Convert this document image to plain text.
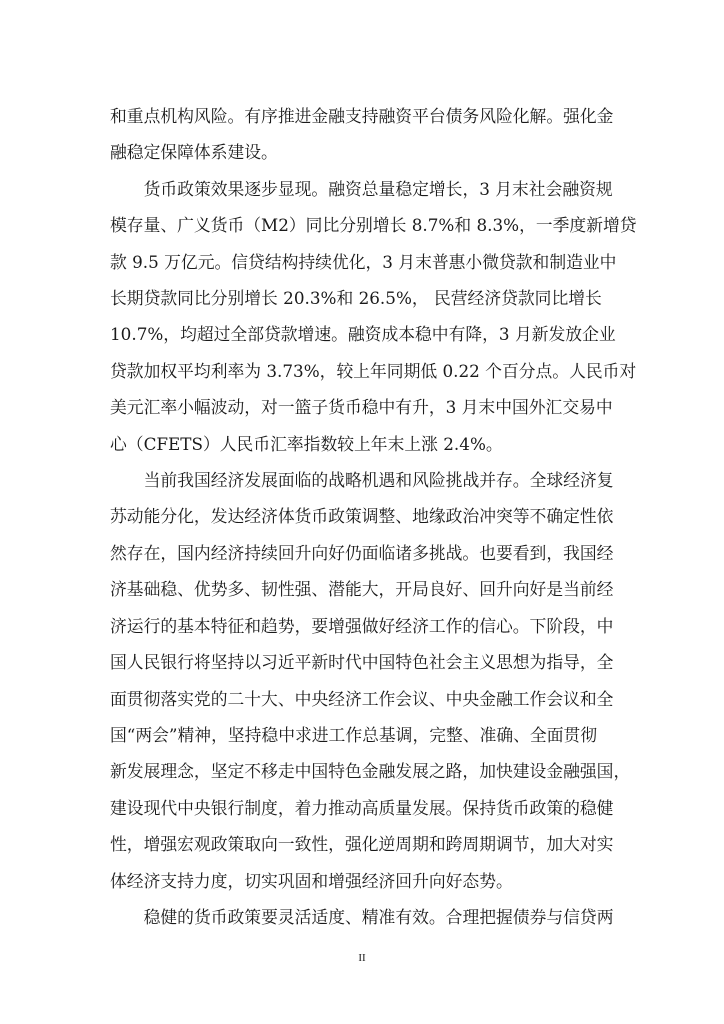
和重点机构风险。有序推进金融支持融资平台债务风险化解。强化金
融稳定保障体系建设。

货币政策效果逐步显现。融资总量稳定增长，3 月末社会融资规
模存量、广义货币（M2）同比分别增长 8.7%和 8.3%，一季度新增贷
款 9.5 万亿元。信贷结构持续优化，3 月末普惠小微贷款和制造业中
长期贷款同比分别增长 20.3%和 26.5%， 民营经济贷款同比增长
10.7%，均超过全部贷款增速。融资成本稳中有降，3 月新发放企业
贷款加权平均利率为 3.73%，较上年同期低 0.22 个百分点。人民币对
美元汇率小幅波动，对一篮子货币稳中有升，3 月末中国外汇交易中
心（CFETS）人民币汇率指数较上年末上涨 2.4%。

当前我国经济发展面临的战略机遇和风险挑战并存。全球经济复
苏动能分化，发达经济体货币政策调整、地缘政治冲突等不确定性依
然存在，国内经济持续回升向好仍面临诸多挑战。也要看到，我国经
济基础稳、优势多、韧性强、潜能大，开局良好、回升向好是当前经
济运行的基本特征和趋势，要增强做好经济工作的信心。下阶段，中
国人民银行将坚持以习近平新时代中国特色社会主义思想为指导，全
面贯彻落实党的二十大、中央经济工作会议、中央金融工作会议和全
国“两会”精神，坚持稳中求进工作总基调，完整、准确、全面贯彻
新发展理念，坚定不移走中国特色金融发展之路，加快建设金融强国，
建设现代中央银行制度，着力推动高质量发展。保持货币政策的稳健
性，增强宏观政策取向一致性，强化逆周期和跨周期调节，加大对实
体经济支持力度，切实巩固和增强经济回升向好态势。

稳健的货币政策要灵活适度、精准有效。合理把握债券与信贷两

II
